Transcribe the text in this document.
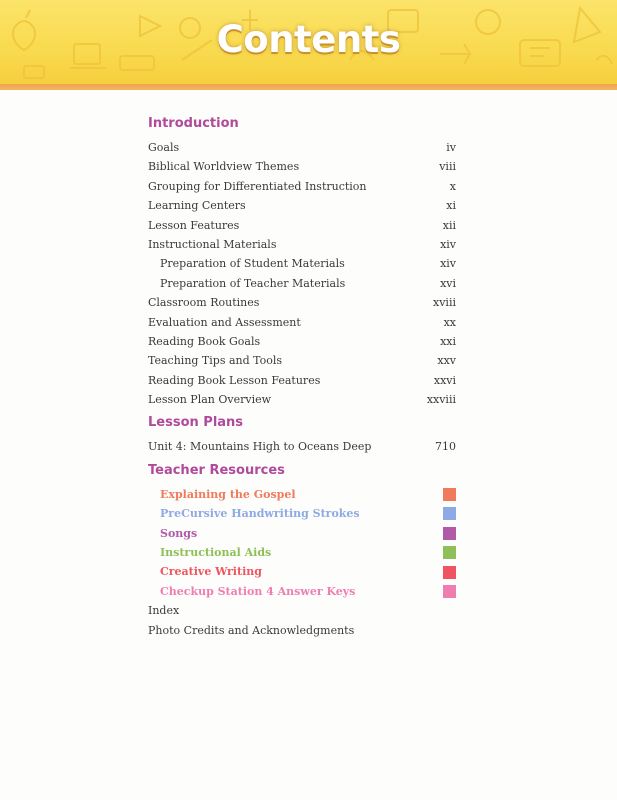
Contents
Introduction
Goals	iv
Biblical Worldview Themes	viii
Grouping for Differentiated Instruction	x
Learning Centers	xi
Lesson Features	xii
Instructional Materials	xiv
Preparation of Student Materials	xiv
Preparation of Teacher Materials	xvi
Classroom Routines	xviii
Evaluation and Assessment	xx
Reading Book Goals	xxi
Teaching Tips and Tools	xxv
Reading Book Lesson Features	xxvi
Lesson Plan Overview	xxviii
Lesson Plans
Unit 4: Mountains High to Oceans Deep	710
Teacher Resources
Explaining the Gospel
PreCursive Handwriting Strokes
Songs
Instructional Aids
Creative Writing
Checkup Station 4 Answer Keys
Index
Photo Credits and Acknowledgments
